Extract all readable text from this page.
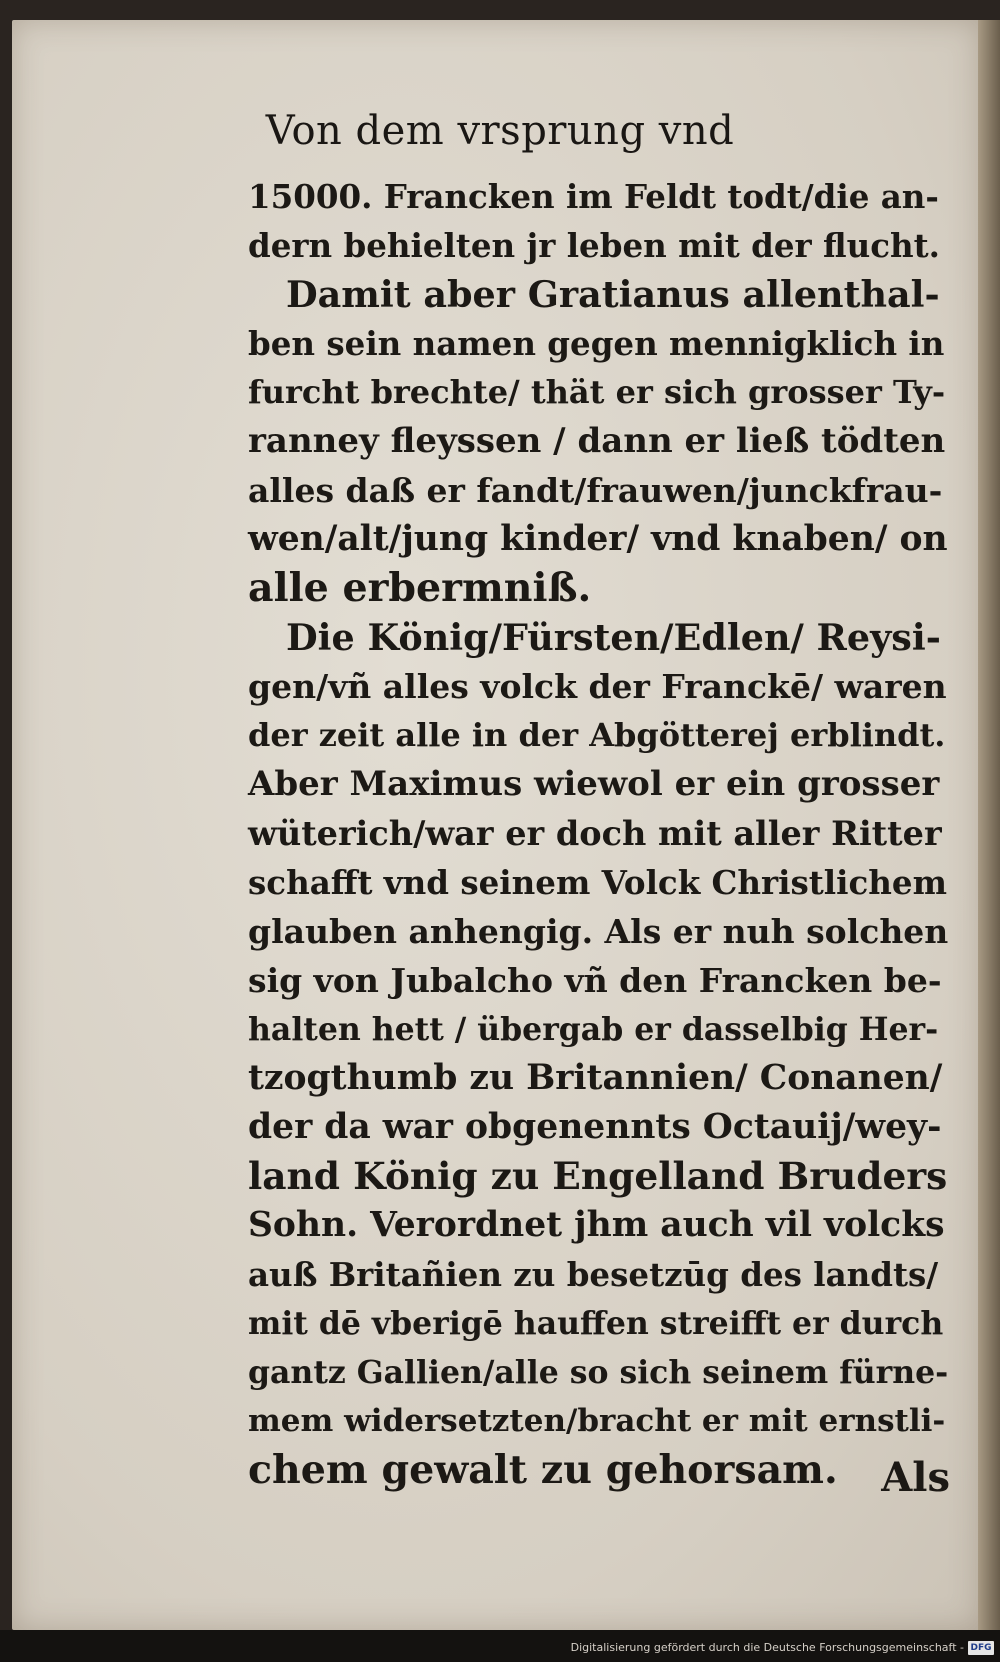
Von dem vrsprung vnd
15000. Francken im Feldt todt/die an-
dern behielten jr leben mit der flucht.
Damit aber Gratianus allenthal-
ben sein namen gegen mennigklich in
furcht brechte/ thät er sich grosser Ty-
ranney fleyssen / dann er ließ tödten
alles daß er fandt/frauwen/junckfrau-
wen/alt/jung kinder/ vnd knaben/ on
alle erbermniß.
Die König/Fürsten/Edlen/ Reysi-
gen/vñ alles volck der Franckē/ waren
der zeit alle in der Abgötterej erblindt.
Aber Maximus wiewol er ein grosser
wüterich/war er doch mit aller Ritter
schafft vnd seinem Volck Christlichem
glauben anhengig. Als er nuh solchen
sig von Jubalcho vñ den Francken be-
halten hett / übergab er dasselbig Her-
tzogthumb zu Britannien/ Conanen/
der da war obgenennts Octauij/wey-
land König zu Engelland Bruders
Sohn. Verordnet jhm auch vil volcks
auß Britañien zu besetzūg des landts/
mit dē vberigē hauffen streifft er durch
gantz Gallien/alle so sich seinem fürne-
mem widersetzten/bracht er mit ernstli-
chem gewalt zu gehorsam.	Als
Digitalisierung gefördert durch die Deutsche Forschungsgemeinschaft - DFG
